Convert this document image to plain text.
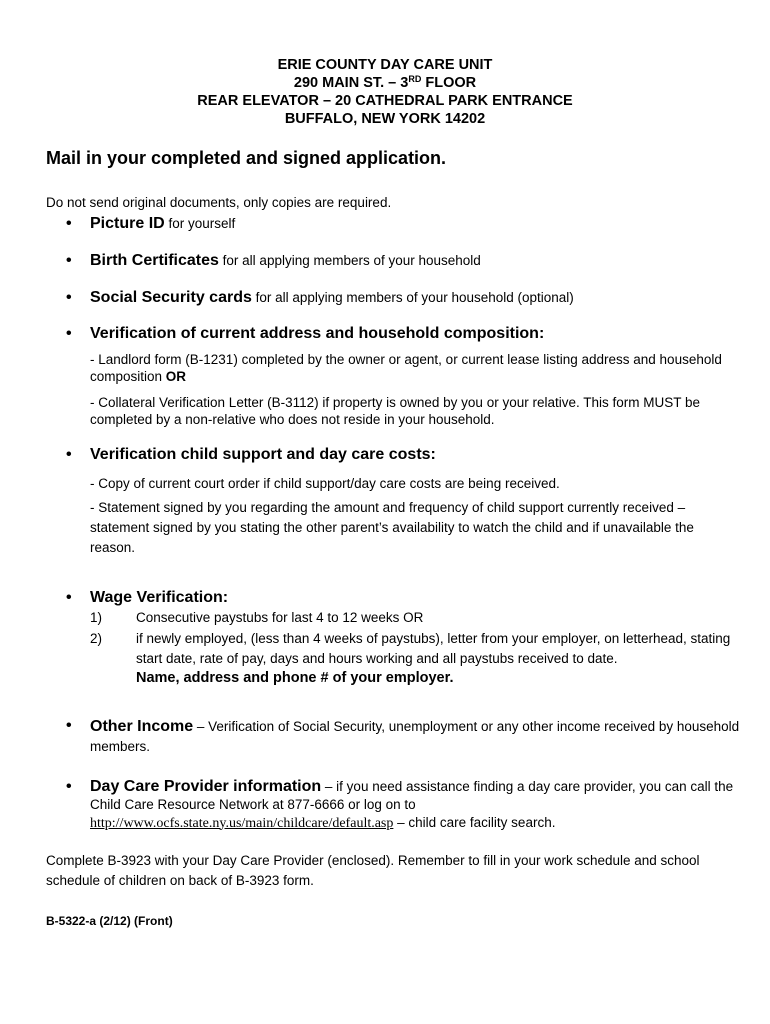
ERIE COUNTY DAY CARE UNIT
290 MAIN ST. – 3RD FLOOR
REAR ELEVATOR – 20 CATHEDRAL PARK ENTRANCE
BUFFALO, NEW YORK 14202
Mail in your completed and signed application.
Do not send original documents, only copies are required.
• Picture ID for yourself
• Birth Certificates for all applying members of your household
• Social Security cards for all applying members of your household (optional)
• Verification of current address and household composition:

- Landlord form (B-1231) completed by the owner or agent, or current lease listing address and household composition OR

- Collateral Verification Letter (B-3112) if property is owned by you or your relative. This form MUST be completed by a non-relative who does not reside in your household.

• Verification child support and day care costs:

- Copy of current court order if child support/day care costs are being received.

- Statement signed by you regarding the amount and frequency of child support currently received – statement signed by you stating the other parent’s availability to watch the child and if unavailable the reason.

• Wage Verification:
1)	Consecutive paystubs for last 4 to 12 weeks OR
2)	if newly employed, (less than 4 weeks of paystubs), letter from your employer, on letterhead, stating start date, rate of pay, days and hours working and all paystubs received to date.
Name, address and phone # of your employer.
• Other Income – Verification of Social Security, unemployment or any other income received by household members.
• Day Care Provider information – if you need assistance finding a day care provider, you can call the Child Care Resource Network at 877-6666 or log on to
http://www.ocfs.state.ny.us/main/childcare/default.asp – child care facility search.
Complete B-3923 with your Day Care Provider (enclosed). Remember to fill in your work schedule and school schedule of children on back of B-3923 form.
B-5322-a (2/12) (Front)
